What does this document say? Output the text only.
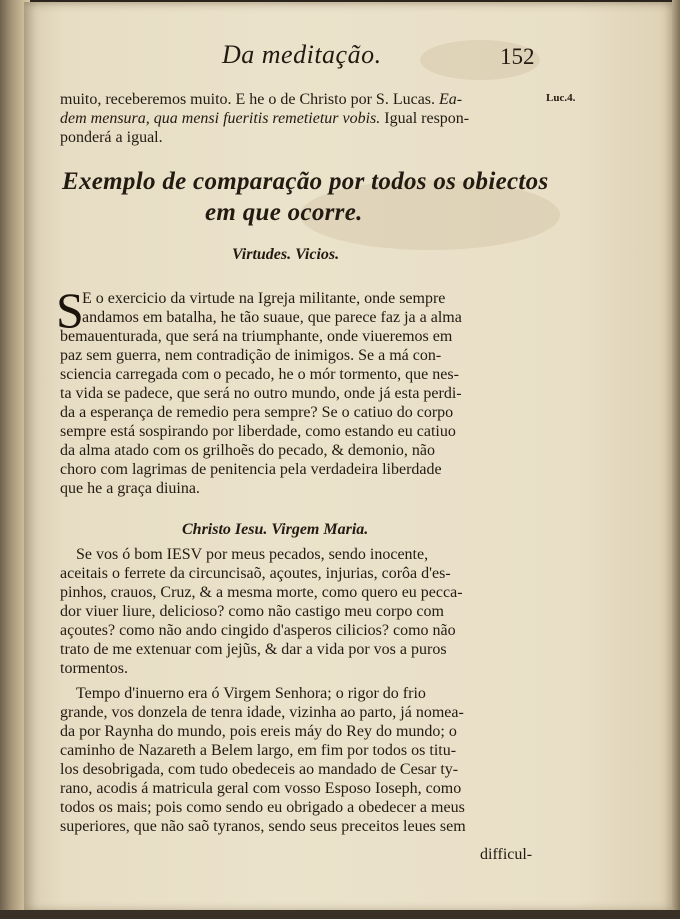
Da meditação.	152
Luc.4.
muito, receberemos muito. E he o de Christo por S. Lucas. Ea-
dem mensura, qua mensi fueritis remetietur vobis. Igual respon-
ponderá a igual.
Exemplo de comparação por todos os obiectos
em que ocorre.
Virtudes. Vicios.
S
E o exercicio da virtude na Igreja militante, onde sempre
andamos em batalha, he tão suaue, que parece faz ja a alma
bemauenturada, que será na triumphante, onde viueremos em
paz sem guerra, nem contradição de inimigos. Se a má con-
sciencia carregada com o pecado, he o mór tormento, que nes-
ta vida se padece, que será no outro mundo, onde já esta perdi-
da a esperança de remedio pera sempre? Se o catiuo do corpo
sempre está sospirando por liberdade, como estando eu catiuo
da alma atado com os grilhoẽs do pecado, & demonio, não
choro com lagrimas de penitencia pela verdadeira liberdade
que he a graça diuina.
Christo Iesu. Virgem Maria.
Se vos ó bom IESV por meus pecados, sendo inocente,
aceitais o ferrete da circuncisaõ, açoutes, injurias, corôa d'es-
pinhos, crauos, Cruz, & a mesma morte, como quero eu pecca-
dor viuer liure, delicioso? como não castigo meu corpo com
açoutes? como não ando cingido d'asperos cilicios? como não
trato de me extenuar com jejũs, & dar a vida por vos a puros
tormentos.
Tempo d'inuerno era ó Virgem Senhora; o rigor do frio
grande, vos donzela de tenra idade, vizinha ao parto, já nomea-
da por Raynha do mundo, pois ereis máy do Rey do mundo; o
caminho de Nazareth a Belem largo, em fim por todos os titu-
los desobrigada, com tudo obedeceis ao mandado de Cesar ty-
rano, acodis á matricula geral com vosso Esposo Ioseph, como
todos os mais; pois como sendo eu obrigado a obedecer a meus
superiores, que não saõ tyranos, sendo seus preceitos leues sem
difficul-
